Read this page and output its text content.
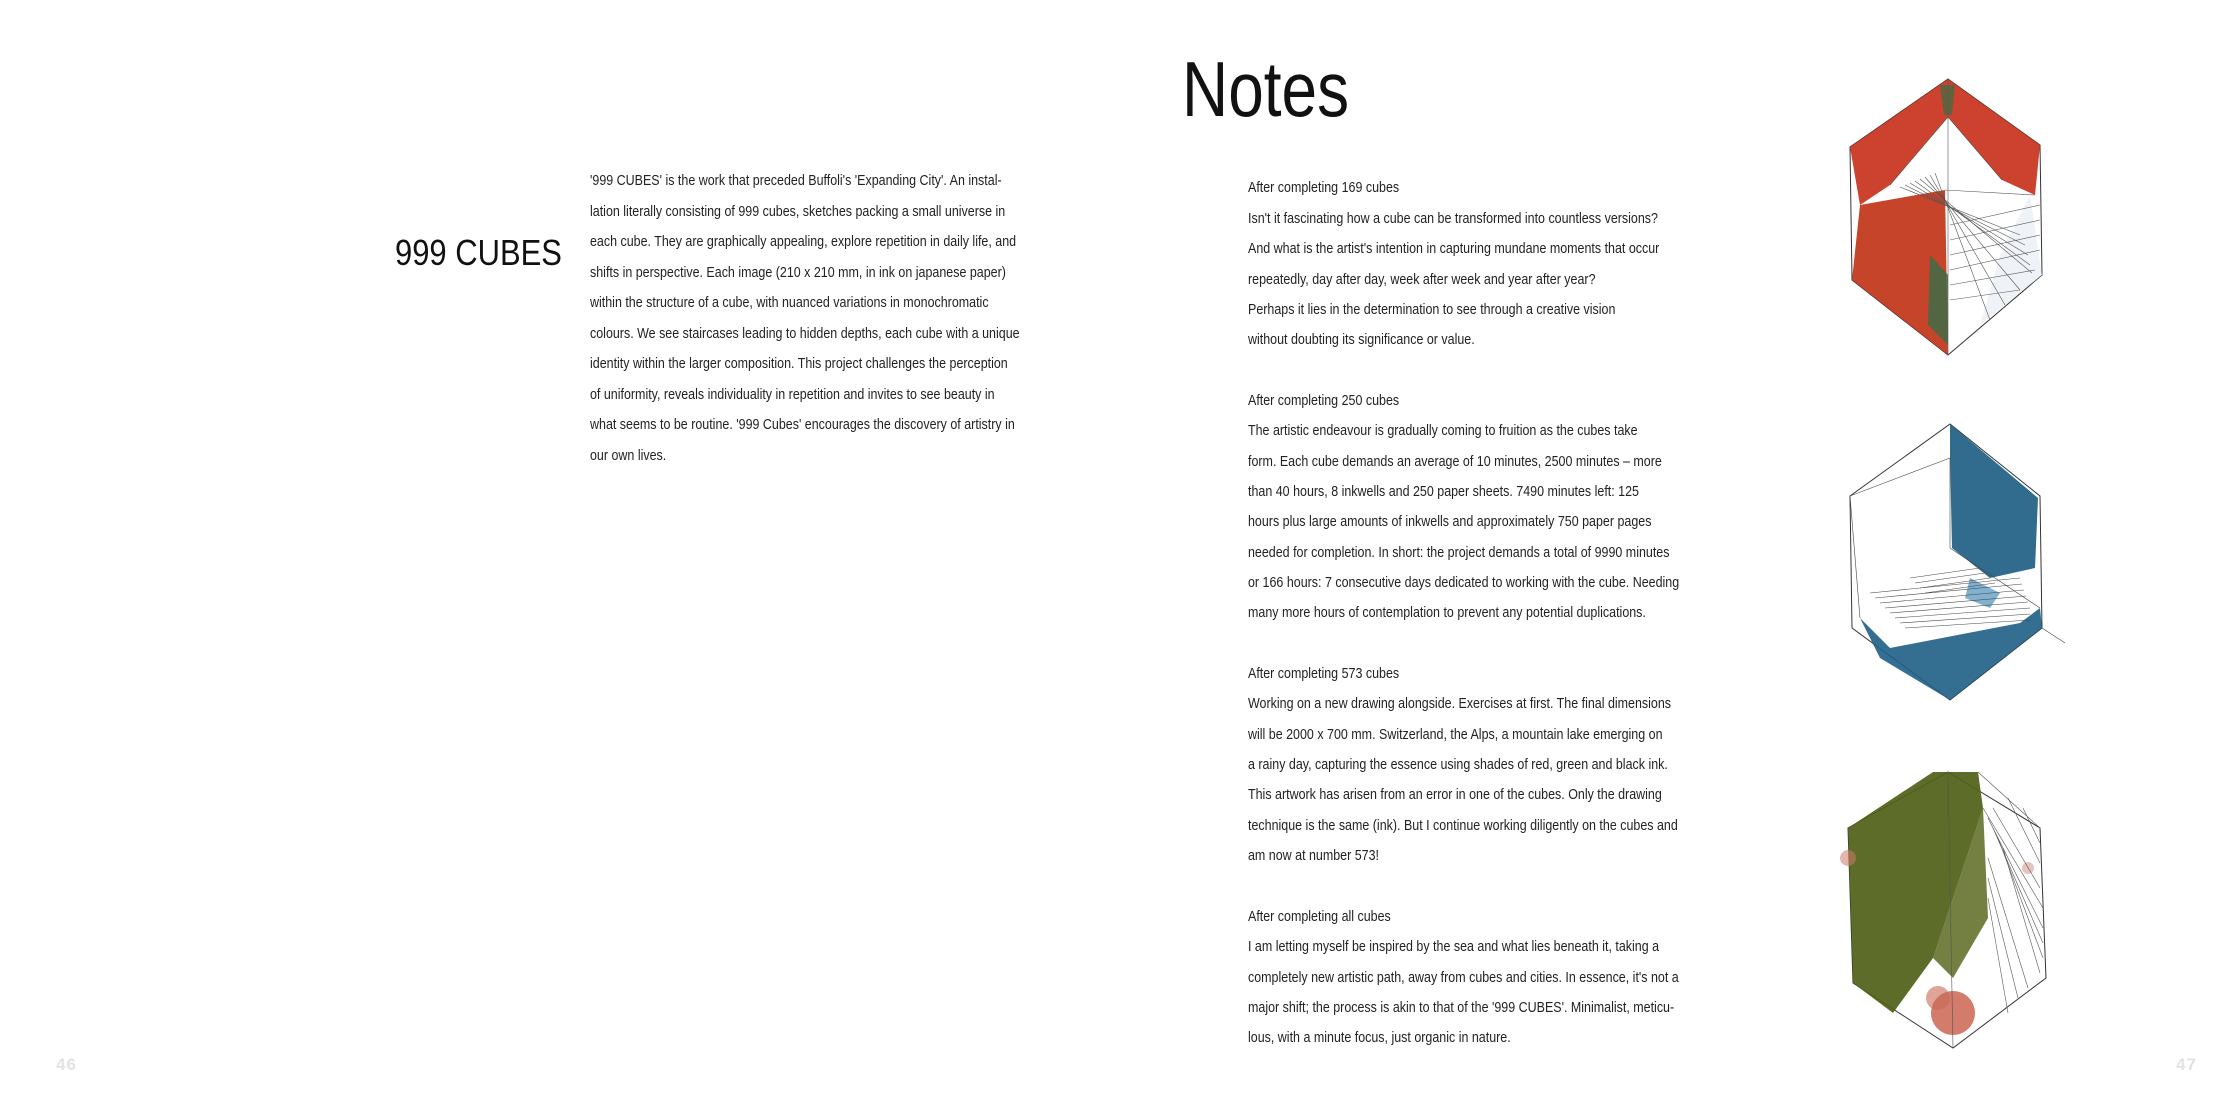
999 CUBES
'999 CUBES' is the work that preceded Buffoli's 'Expanding City'. An instal-
lation literally consisting of 999 cubes, sketches packing a small universe in
each cube. They are graphically appealing, explore repetition in daily life, and
shifts in perspective. Each image (210 x 210 mm, in ink on japanese paper)
within the structure of a cube, with nuanced variations in monochromatic
colours. We see staircases leading to hidden depths, each cube with a unique
identity within the larger composition. This project challenges the perception
of uniformity, reveals individuality in repetition and invites to see beauty in
what seems to be routine. '999 Cubes' encourages the discovery of artistry in
our own lives.
46
Notes
After completing 169 cubes
Isn't it fascinating how a cube can be transformed into countless versions?
And what is the artist's intention in capturing mundane moments that occur
repeatedly, day after day, week after week and year after year?
Perhaps it lies in the determination to see through a creative vision
without doubting its significance or value.
After completing 250 cubes
The artistic endeavour is gradually coming to fruition as the cubes take
form. Each cube demands an average of 10 minutes, 2500 minutes – more
than 40 hours, 8 inkwells and 250 paper sheets. 7490 minutes left: 125
hours plus large amounts of inkwells and approximately 750 paper pages
needed for completion. In short: the project demands a total of 9990 minutes
or 166 hours: 7 consecutive days dedicated to working with the cube. Needing
many more hours of contemplation to prevent any potential duplications.
After completing 573 cubes
Working on a new drawing alongside. Exercises at first. The final dimensions
will be 2000 x 700 mm. Switzerland, the Alps, a mountain lake emerging on
a rainy day, capturing the essence using shades of red, green and black ink.
This artwork has arisen from an error in one of the cubes. Only the drawing
technique is the same (ink). But I continue working diligently on the cubes and
am now at number 573!
After completing all cubes
I am letting myself be inspired by the sea and what lies beneath it, taking a
completely new artistic path, away from cubes and cities. In essence, it's not a
major shift; the process is akin to that of the '999 CUBES'. Minimalist, meticu-
lous, with a minute focus, just organic in nature.
47
